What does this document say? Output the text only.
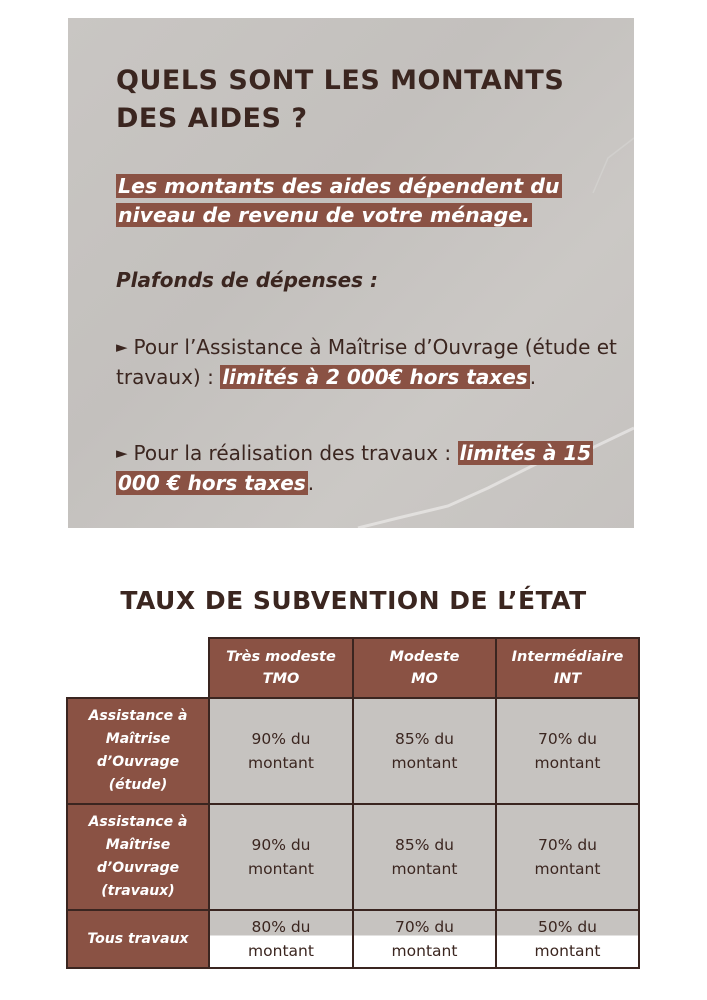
QUELS SONT LES MONTANTS
DES AIDES ?
Les montants des aides dépendent du niveau de revenu de votre ménage.
Plafonds de dépenses :
► Pour l’Assistance à Maîtrise d’Ouvrage (étude et travaux) : limités à 2 000€ hors taxes .
► Pour la réalisation des travaux : limités à 15 000 € hors taxes .
TAUX DE SUBVENTION DE L’ÉTAT
	Très modeste
TMO	Modeste
MO	Intermédiaire
INT
Assistance à
Maîtrise
d’Ouvrage
(étude)	90% du
montant	85% du
montant	70% du
montant
Assistance à
Maîtrise
d’Ouvrage
(travaux)	90% du
montant	85% du
montant	70% du
montant
Tous travaux	80% du
montant	70% du
montant	50% du
montant
